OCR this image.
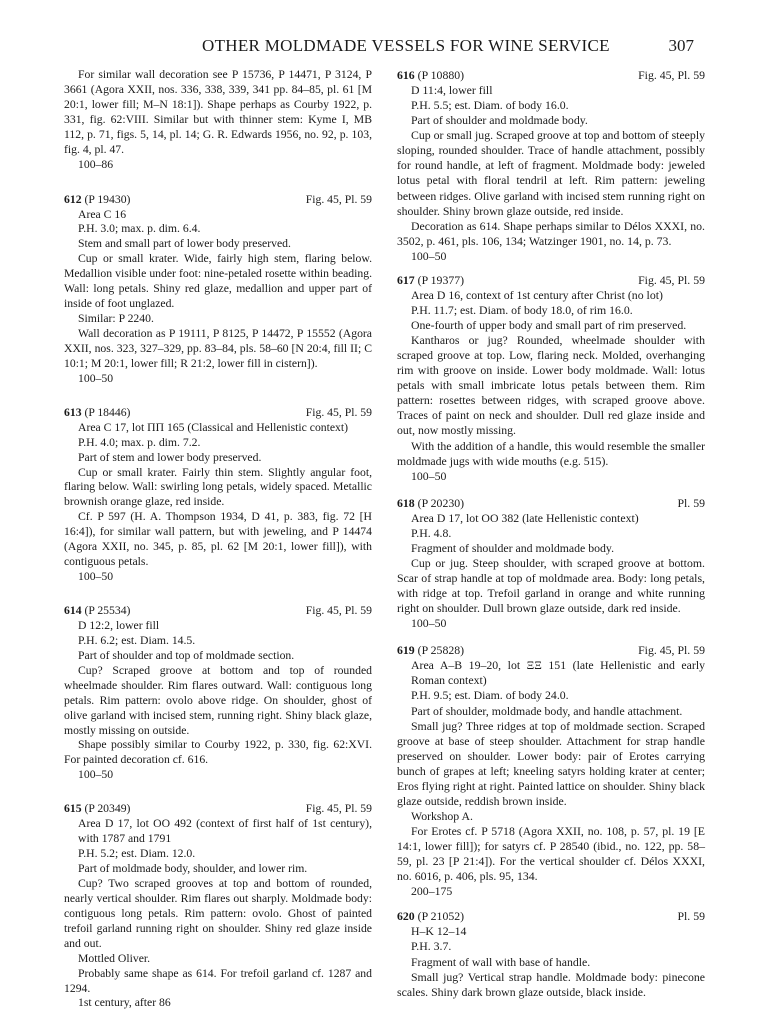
OTHER MOLDMADE VESSELS FOR WINE SERVICE	307

For similar wall decoration see P 15736, P 14471, P 3124, P 3661 (Agora XXII, nos. 336, 338, 339, 341 pp. 84–85, pl. 61 [M 20:1, lower fill; M–N 18:1]). Shape perhaps as Courby 1922, p. 331, fig. 62:VIII. Similar but with thinner stem: Kyme I, MB 112, p. 71, figs. 5, 14, pl. 14; G. R. Edwards 1956, no. 92, p. 103, fig. 4, pl. 47.

100–86

612 (P 19430)	Fig. 45, Pl. 59

Area C 16

P.H. 3.0; max. p. dim. 6.4.

Stem and small part of lower body preserved.

Cup or small krater. Wide, fairly high stem, flaring below. Medallion visible under foot: nine-petaled rosette within beading. Wall: long petals. Shiny red glaze, medallion and upper part of inside of foot unglazed.

Similar: P 2240.

Wall decoration as P 19111, P 8125, P 14472, P 15552 (Agora XXII, nos. 323, 327–329, pp. 83–84, pls. 58–60 [N 20:4, fill II; C 10:1; M 20:1, lower fill; R 21:2, lower fill in cistern]).

100–50

613 (P 18446)	Fig. 45, Pl. 59

Area C 17, lot ΠΠ 165 (Classical and Hellenistic context)

P.H. 4.0; max. p. dim. 7.2.

Part of stem and lower body preserved.

Cup or small krater. Fairly thin stem. Slightly angular foot, flaring below. Wall: swirling long petals, widely spaced. Metallic brownish orange glaze, red inside.

Cf. P 597 (H. A. Thompson 1934, D 41, p. 383, fig. 72 [H 16:4]), for similar wall pattern, but with jeweling, and P 14474 (Agora XXII, no. 345, p. 85, pl. 62 [M 20:1, lower fill]), with contiguous petals.

100–50

614 (P 25534)	Fig. 45, Pl. 59

D 12:2, lower fill

P.H. 6.2; est. Diam. 14.5.

Part of shoulder and top of moldmade section.

Cup? Scraped groove at bottom and top of rounded wheelmade shoulder. Rim flares outward. Wall: contiguous long petals. Rim pattern: ovolo above ridge. On shoulder, ghost of olive garland with incised stem, running right. Shiny black glaze, mostly missing on outside.

Shape possibly similar to Courby 1922, p. 330, fig. 62:XVI. For painted decoration cf. 616.

100–50

615 (P 20349)	Fig. 45, Pl. 59

Area D 17, lot OO 492 (context of first half of 1st century), with 1787 and 1791

P.H. 5.2; est. Diam. 12.0.

Part of moldmade body, shoulder, and lower rim.

Cup? Two scraped grooves at top and bottom of rounded, nearly vertical shoulder. Rim flares out sharply. Moldmade body: contiguous long petals. Rim pattern: ovolo. Ghost of painted trefoil garland running right on shoulder. Shiny red glaze inside and out.

Mottled Oliver.

Probably same shape as 614. For trefoil garland cf. 1287 and 1294.

1st century, after 86

616 (P 10880)	Fig. 45, Pl. 59

D 11:4, lower fill

P.H. 5.5; est. Diam. of body 16.0.

Part of shoulder and moldmade body.

Cup or small jug. Scraped groove at top and bottom of steeply sloping, rounded shoulder. Trace of handle attachment, possibly for round handle, at left of fragment. Moldmade body: jeweled lotus petal with floral tendril at left. Rim pattern: jeweling between ridges. Olive garland with incised stem running right on shoulder. Shiny brown glaze outside, red inside.

Decoration as 614. Shape perhaps similar to Délos XXXI, no. 3502, p. 461, pls. 106, 134; Watzinger 1901, no. 14, p. 73.

100–50

617 (P 19377)	Fig. 45, Pl. 59

Area D 16, context of 1st century after Christ (no lot)

P.H. 11.7; est. Diam. of body 18.0, of rim 16.0.

One-fourth of upper body and small part of rim preserved.

Kantharos or jug? Rounded, wheelmade shoulder with scraped groove at top. Low, flaring neck. Molded, overhanging rim with groove on inside. Lower body moldmade. Wall: lotus petals with small imbricate lotus petals between them. Rim pattern: rosettes between ridges, with scraped groove above. Traces of paint on neck and shoulder. Dull red glaze inside and out, now mostly missing.

With the addition of a handle, this would resemble the smaller moldmade jugs with wide mouths (e.g. 515).

100–50

618 (P 20230)	Pl. 59

Area D 17, lot OO 382 (late Hellenistic context)

P.H. 4.8.

Fragment of shoulder and moldmade body.

Cup or jug. Steep shoulder, with scraped groove at bottom. Scar of strap handle at top of moldmade area. Body: long petals, with ridge at top. Trefoil garland in orange and white running right on shoulder. Dull brown glaze outside, dark red inside.

100–50

619 (P 25828)	Fig. 45, Pl. 59

Area A–B 19–20, lot ΞΞ 151 (late Hellenistic and early Roman context)

P.H. 9.5; est. Diam. of body 24.0.

Part of shoulder, moldmade body, and handle attachment.

Small jug? Three ridges at top of moldmade section. Scraped groove at base of steep shoulder. Attachment for strap handle preserved on shoulder. Lower body: pair of Erotes carrying bunch of grapes at left; kneeling satyrs holding krater at center; Eros flying right at right. Painted lattice on shoulder. Shiny black glaze outside, reddish brown inside.

Workshop A.

For Erotes cf. P 5718 (Agora XXII, no. 108, p. 57, pl. 19 [E 14:1, lower fill]); for satyrs cf. P 28540 (ibid., no. 122, pp. 58–59, pl. 23 [P 21:4]). For the vertical shoulder cf. Délos XXXI, no. 6016, p. 406, pls. 95, 134.

200–175

620 (P 21052)	Pl. 59

H–K 12–14

P.H. 3.7.

Fragment of wall with base of handle.

Small jug? Vertical strap handle. Moldmade body: pinecone scales. Shiny dark brown glaze outside, black inside.
